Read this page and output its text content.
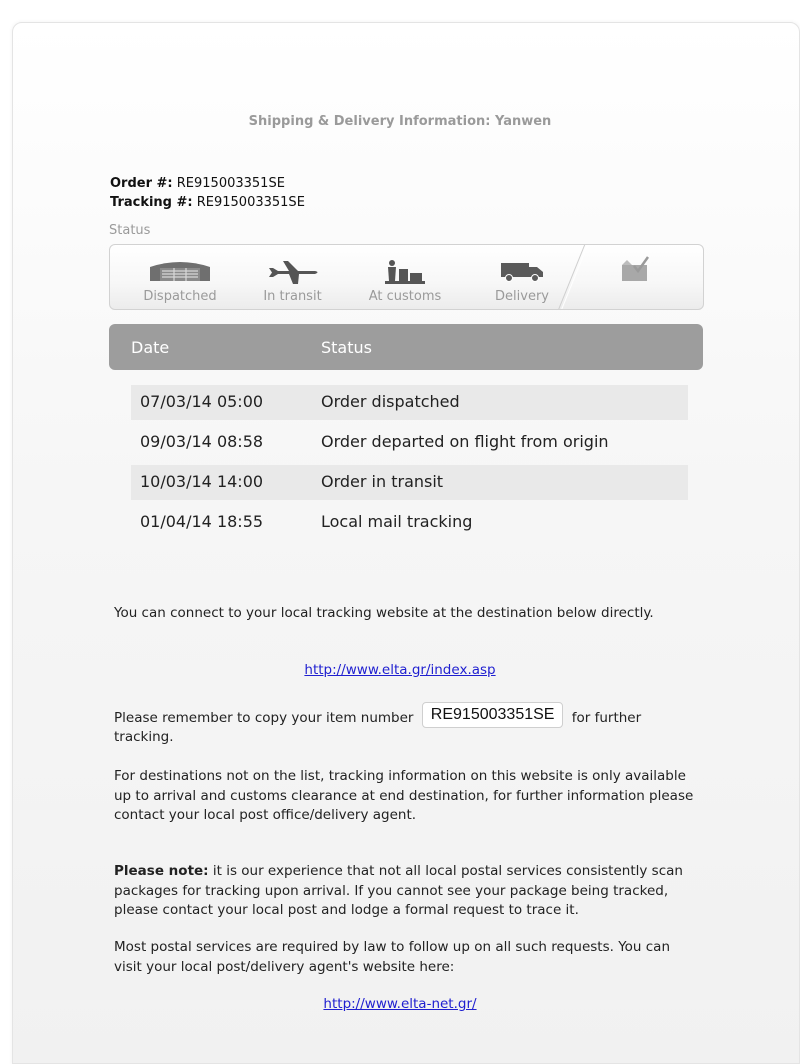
Shipping & Delivery Information: Yanwen
Order #: RE915003351SE
Tracking #: RE915003351SE
Status
Dispatched	In transit	At customs	Delivery
Date	Status
07/03/14 05:00	Order dispatched
09/03/14 08:58	Order departed on flight from origin
10/03/14 14:00	Order in transit
01/04/14 18:55	Local mail tracking
You can connect to your local tracking website at the destination below directly.
http://www.elta.gr/index.asp
Please remember to copy your item number RE915003351SE for further tracking.
For destinations not on the list, tracking information on this website is only available up to arrival and customs clearance at end destination, for further information please contact your local post office/delivery agent.
Please note: it is our experience that not all local postal services consistently scan packages for tracking upon arrival. If you cannot see your package being tracked, please contact your local post and lodge a formal request to trace it.
Most postal services are required by law to follow up on all such requests. You can visit your local post/delivery agent's website here:
http://www.elta-net.gr/
